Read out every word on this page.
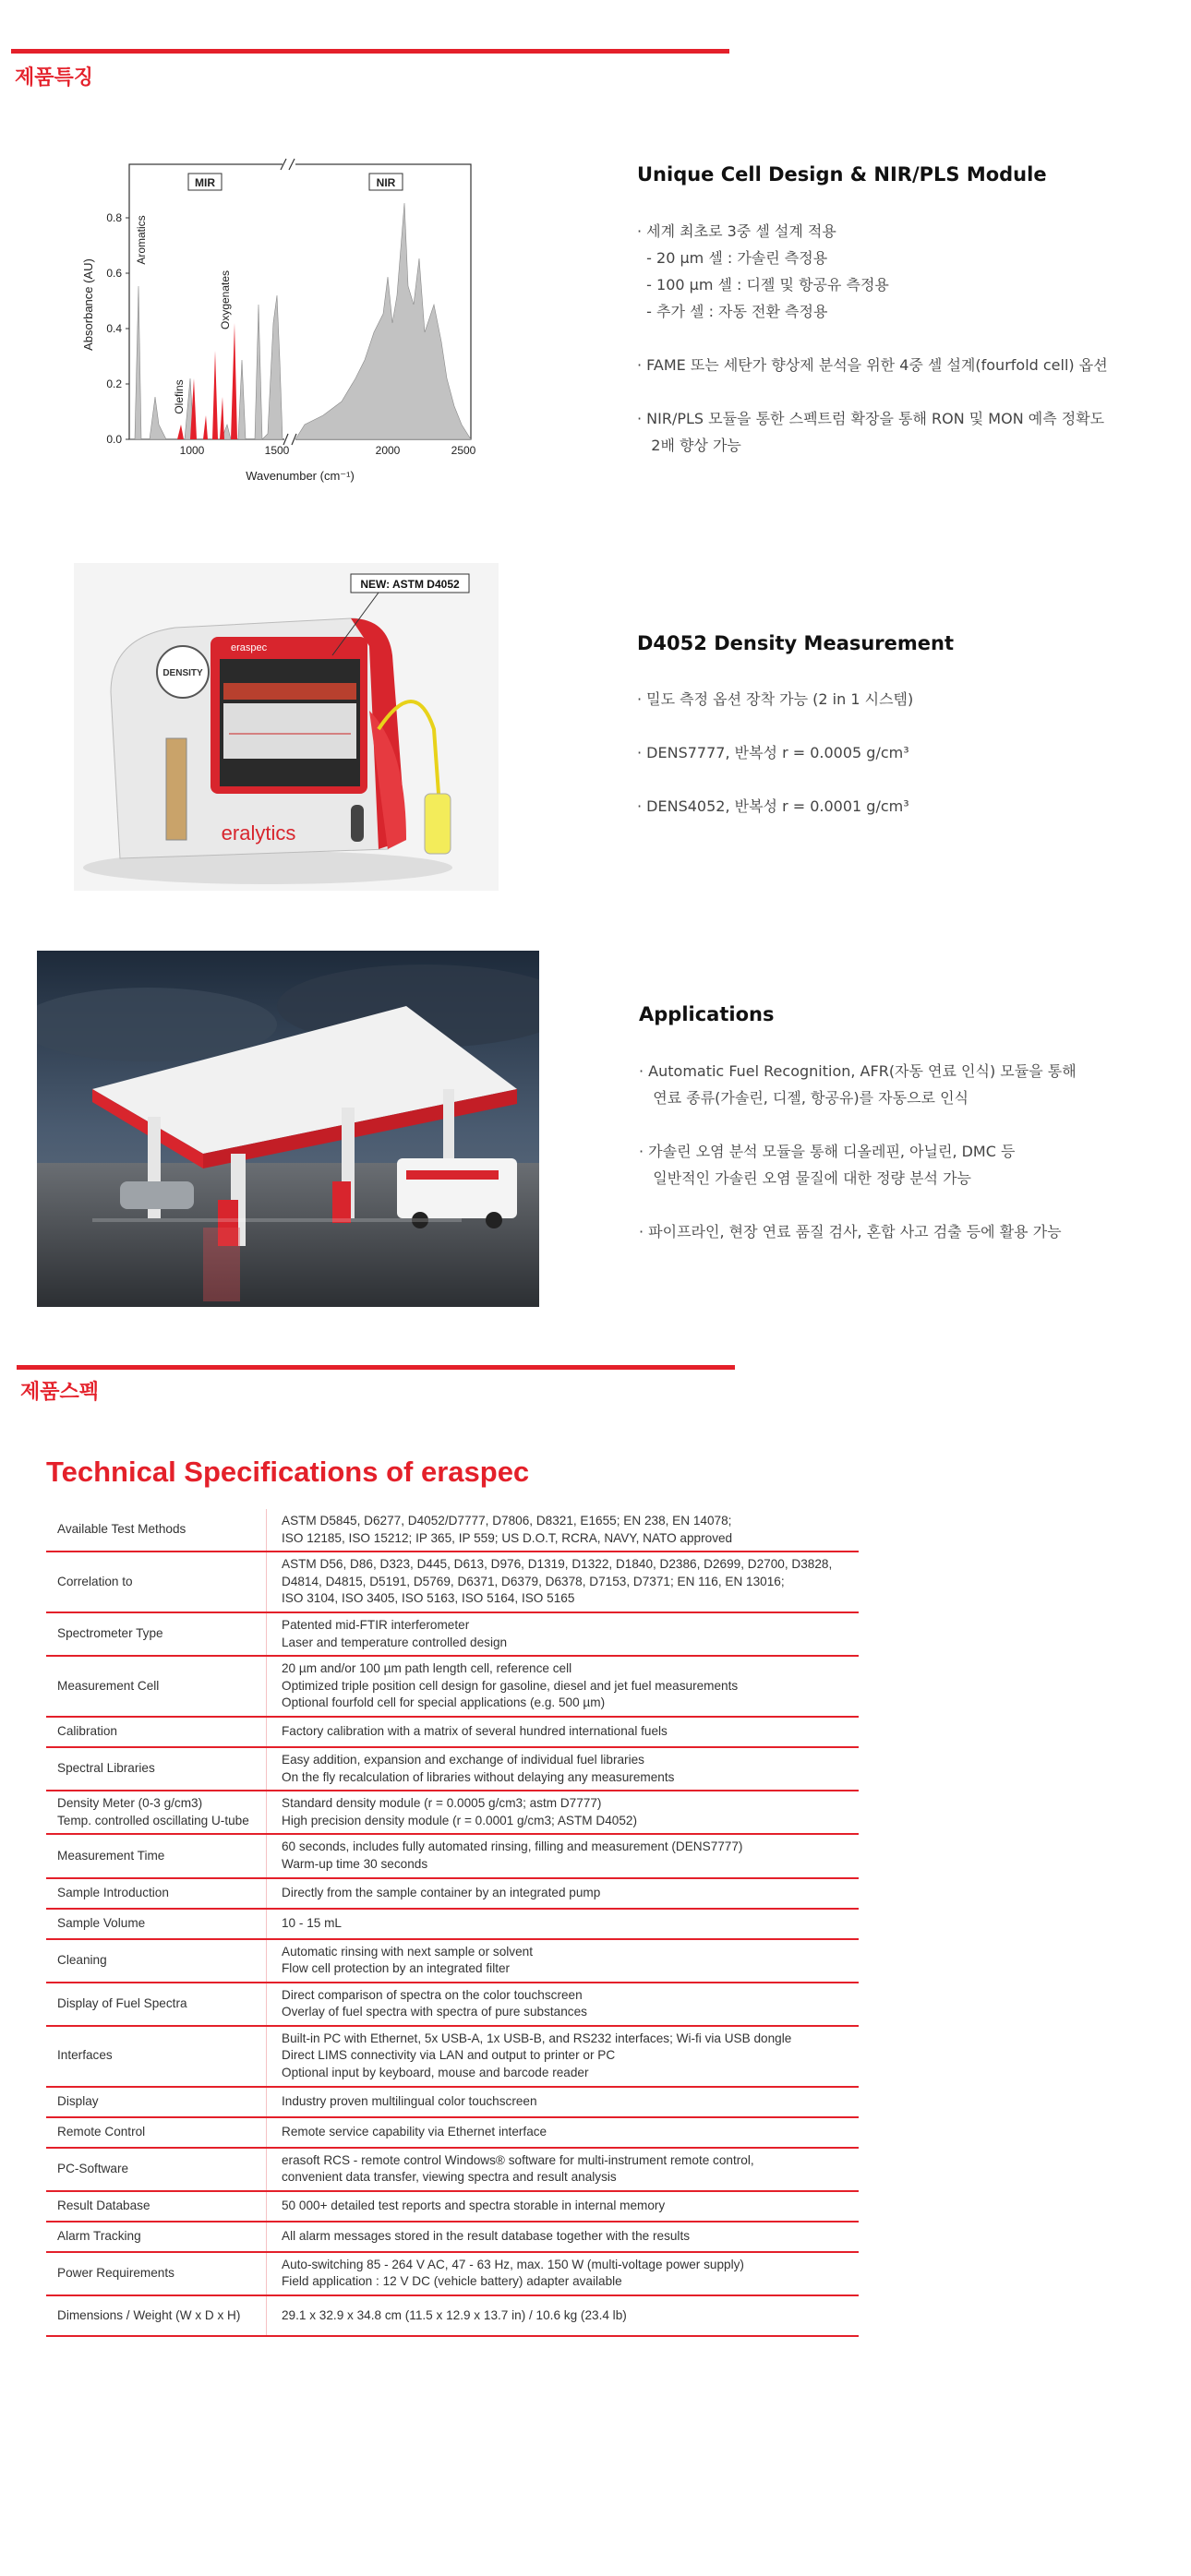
제품특징
0.0
0.2
0.4
0.6
0.8
1000	1500	2000	2500
Wavenumber (cm⁻¹)
Absorbance (AU)
MIR	NIR
Aromatics
Olefins
Oxygenates
Unique Cell Design & NIR/PLS Module
· 세계 최초로 3중 셀 설계 적용
- 20 μm 셀 : 가솔린 측정용
- 100 μm 셀 : 디젤 및 항공유 측정용
- 추가 셀 : 자동 전환 측정용
· FAME 또는 세탄가 향상제 분석을 위한 4중 셀 설계(fourfold cell) 옵션
· NIR/PLS 모듈을 통한 스펙트럼 확장을 통해 RON 및 MON 예측 정확도
2배 향상 가능
DENSITY
eraspec
eralytics
NEW: ASTM D4052
D4052 Density Measurement
· 밀도 측정 옵션 장착 가능 (2 in 1 시스템)
· DENS7777, 반복성 r = 0.0005 g/cm³
· DENS4052, 반복성 r = 0.0001 g/cm³
Applications
· Automatic Fuel Recognition, AFR(자동 연료 인식) 모듈을 통해
연료 종류(가솔린, 디젤, 항공유)를 자동으로 인식
· 가솔린 오염 분석 모듈을 통해 디올레핀, 아닐린, DMC 등
일반적인 가솔린 오염 물질에 대한 정량 분석 가능
· 파이프라인, 현장 연료 품질 검사, 혼합 사고 검출 등에 활용 가능
제품스펙
Technical Specifications of eraspec
Available Test Methods	ASTM D5845, D6277, D4052/D7777, D7806, D8321, E1655; EN 238, EN 14078;
ISO 12185, ISO 15212; IP 365, IP 559; US D.O.T, RCRA, NAVY, NATO approved
Correlation to	ASTM D56, D86, D323, D445, D613, D976, D1319, D1322, D1840, D2386, D2699, D2700, D3828,
D4814, D4815, D5191, D5769, D6371, D6379, D6378, D7153, D7371; EN 116, EN 13016;
ISO 3104, ISO 3405, ISO 5163, ISO 5164, ISO 5165
Spectrometer Type	Patented mid-FTIR interferometer
Laser and temperature controlled design
Measurement Cell	20 µm and/or 100 µm path length cell, reference cell
Optimized triple position cell design for gasoline, diesel and jet fuel measurements
Optional fourfold cell for special applications (e.g. 500 µm)
Calibration	Factory calibration with a matrix of several hundred international fuels
Spectral Libraries	Easy addition, expansion and exchange of individual fuel libraries
On the fly recalculation of libraries without delaying any measurements
Density Meter (0-3 g/cm3)
Temp. controlled oscillating U-tube	Standard density module (r = 0.0005 g/cm3; astm D7777)
High precision density module (r = 0.0001 g/cm3; ASTM D4052)
Measurement Time	60 seconds, includes fully automated rinsing, filling and measurement (DENS7777)
Warm-up time 30 seconds
Sample Introduction	Directly from the sample container by an integrated pump
Sample Volume	10 - 15 mL
Cleaning	Automatic rinsing with next sample or solvent
Flow cell protection by an integrated filter
Display of Fuel Spectra	Direct comparison of spectra on the color touchscreen
Overlay of fuel spectra with spectra of pure substances
Interfaces	Built-in PC with Ethernet, 5x USB-A, 1x USB-B, and RS232 interfaces; Wi-fi via USB dongle
Direct LIMS connectivity via LAN and output to printer or PC
Optional input by keyboard, mouse and barcode reader
Display	Industry proven multilingual color touchscreen
Remote Control	Remote service capability via Ethernet interface
PC-Software	erasoft RCS - remote control Windows® software for multi-instrument remote control,
convenient data transfer, viewing spectra and result analysis
Result Database	50 000+ detailed test reports and spectra storable in internal memory
Alarm Tracking	All alarm messages stored in the result database together with the results
Power Requirements	Auto-switching 85 - 264 V AC, 47 - 63 Hz, max. 150 W (multi-voltage power supply)
Field application : 12 V DC (vehicle battery) adapter available
Dimensions / Weight (W x D x H)	29.1 x 32.9 x 34.8 cm (11.5 x 12.9 x 13.7 in) / 10.6 kg (23.4 lb)
